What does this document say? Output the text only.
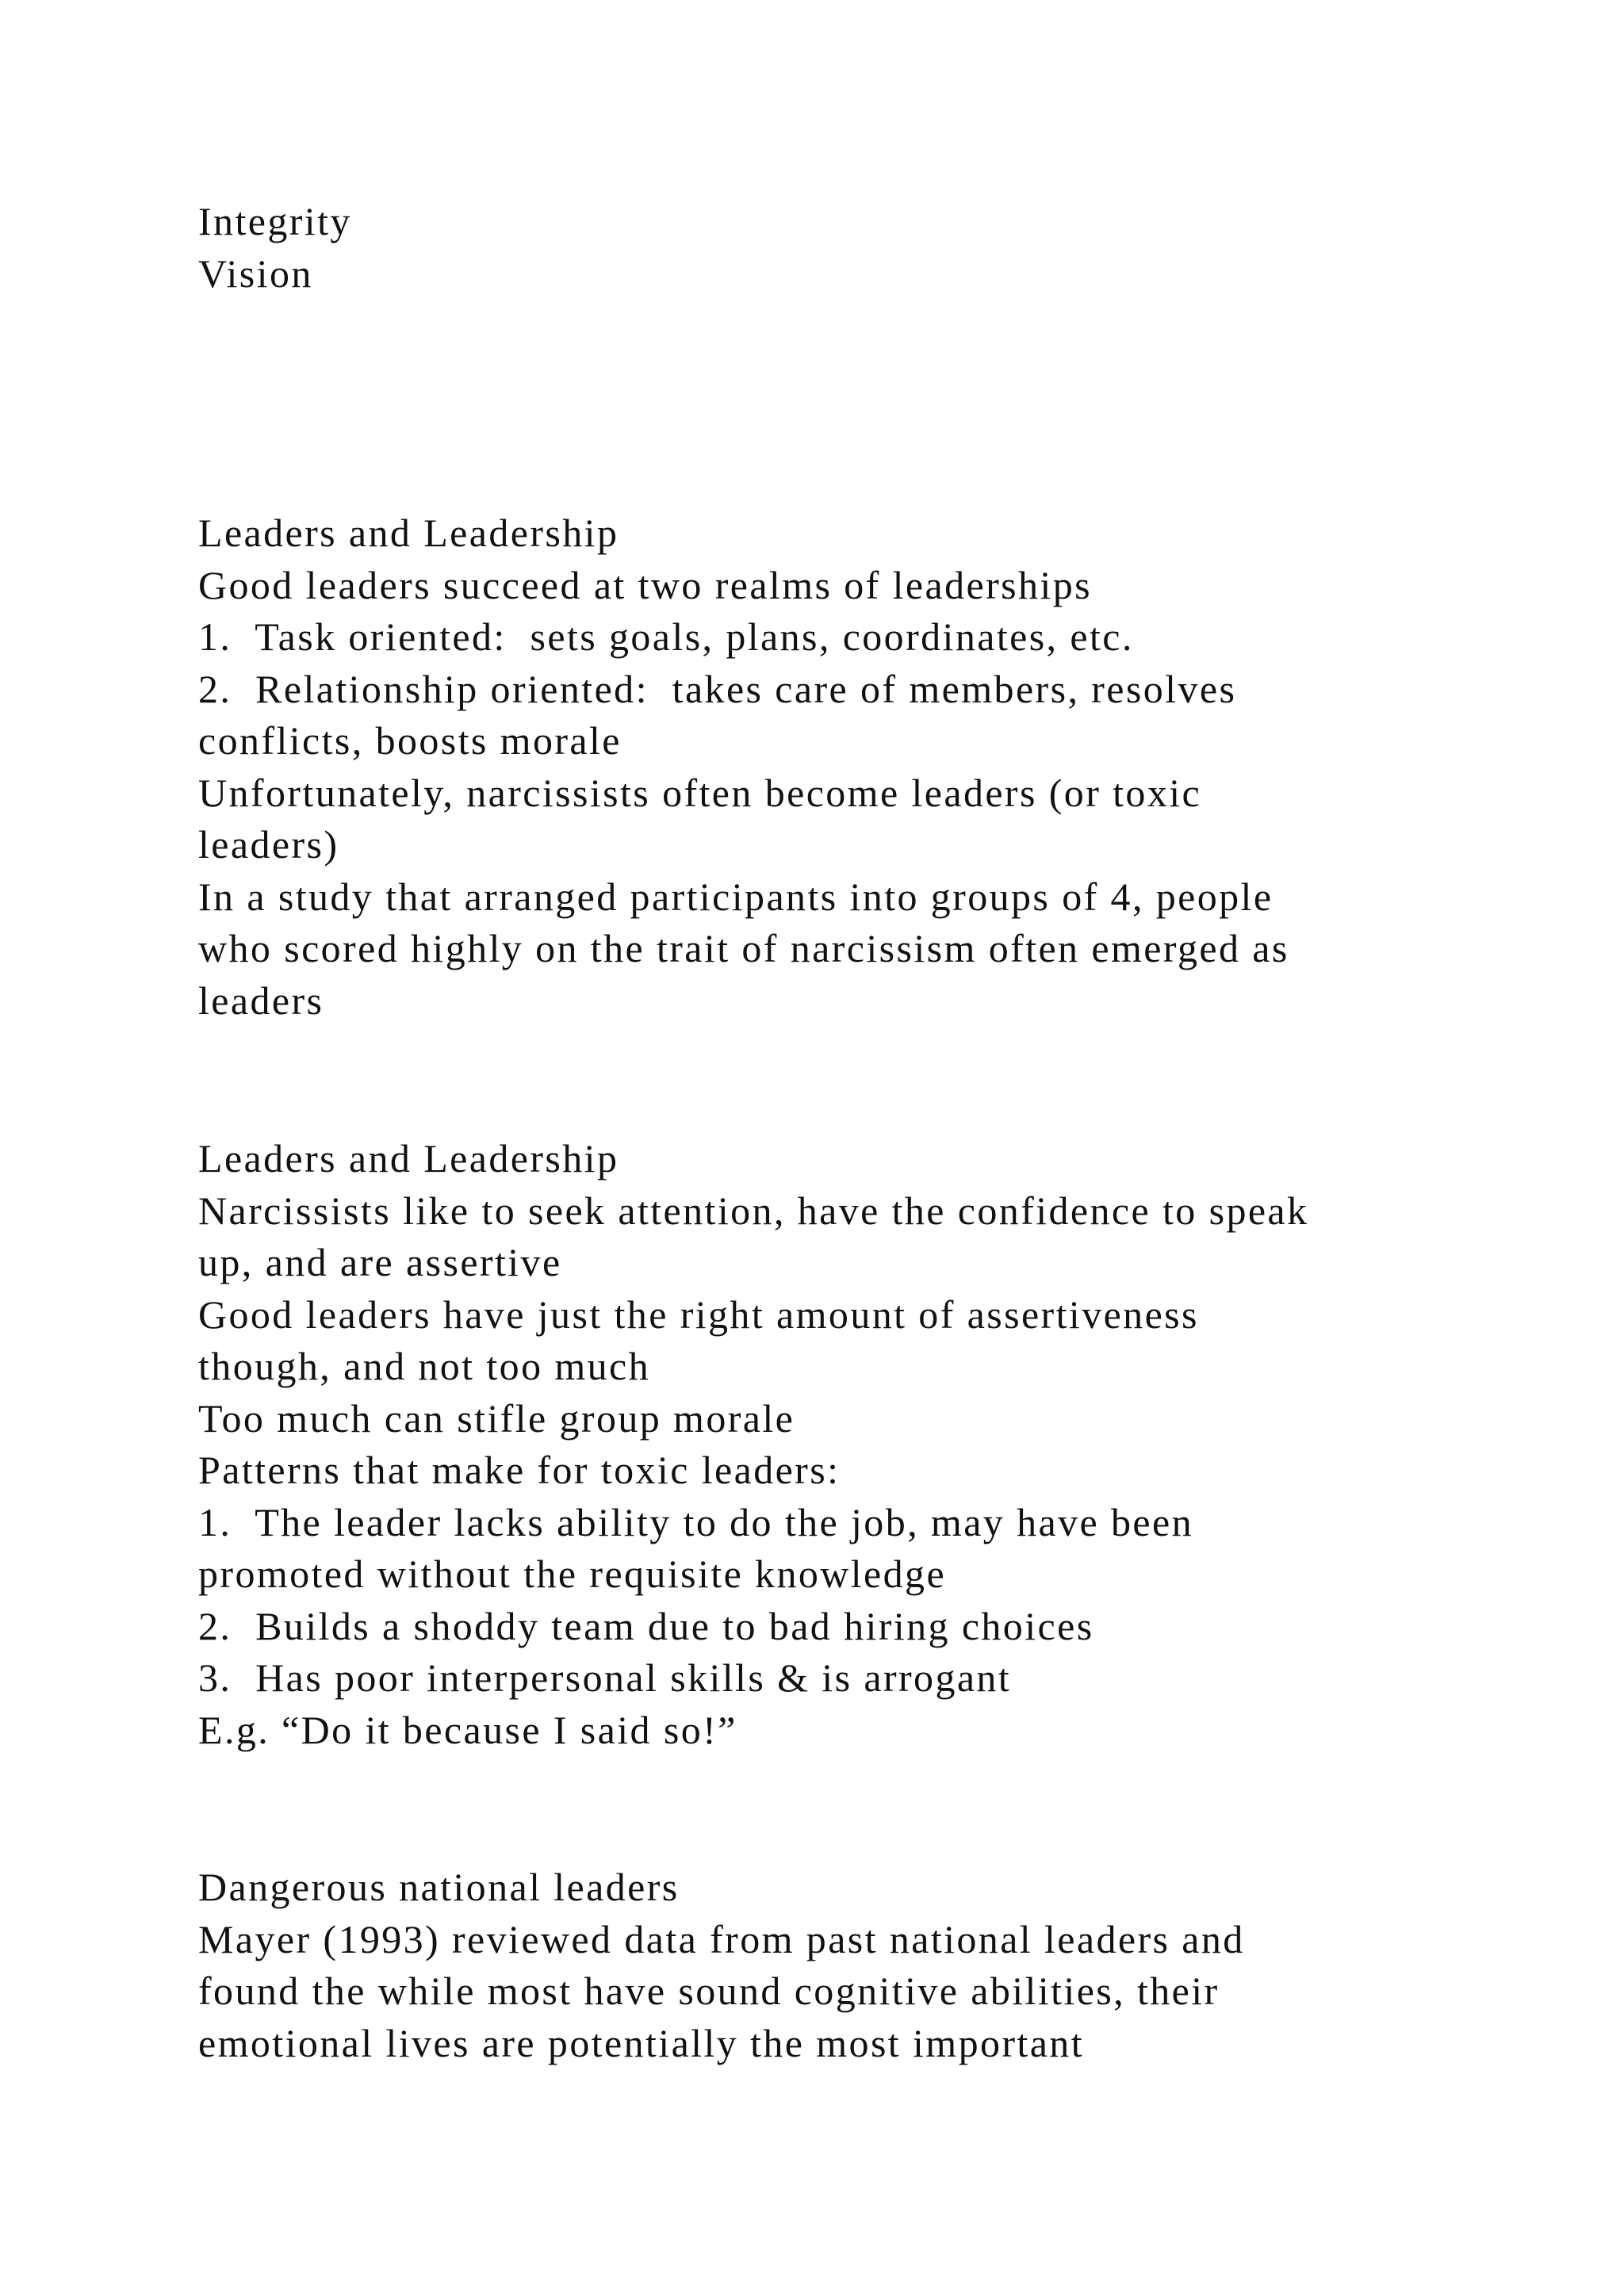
Integrity
Vision
Leaders and Leadership
Good leaders succeed at two realms of leaderships
1.  Task oriented:  sets goals, plans, coordinates, etc.
2.  Relationship oriented:  takes care of members, resolves
conflicts, boosts morale
Unfortunately, narcissists often become leaders (or toxic
leaders)
In a study that arranged participants into groups of 4, people
who scored highly on the trait of narcissism often emerged as
leaders
Leaders and Leadership
Narcissists like to seek attention, have the confidence to speak
up, and are assertive
Good leaders have just the right amount of assertiveness
though, and not too much
Too much can stifle group morale
Patterns that make for toxic leaders:
1.  The leader lacks ability to do the job, may have been
promoted without the requisite knowledge
2.  Builds a shoddy team due to bad hiring choices
3.  Has poor interpersonal skills & is arrogant
E.g. “Do it because I said so!”
Dangerous national leaders
Mayer (1993) reviewed data from past national leaders and
found the while most have sound cognitive abilities, their
emotional lives are potentially the most important
